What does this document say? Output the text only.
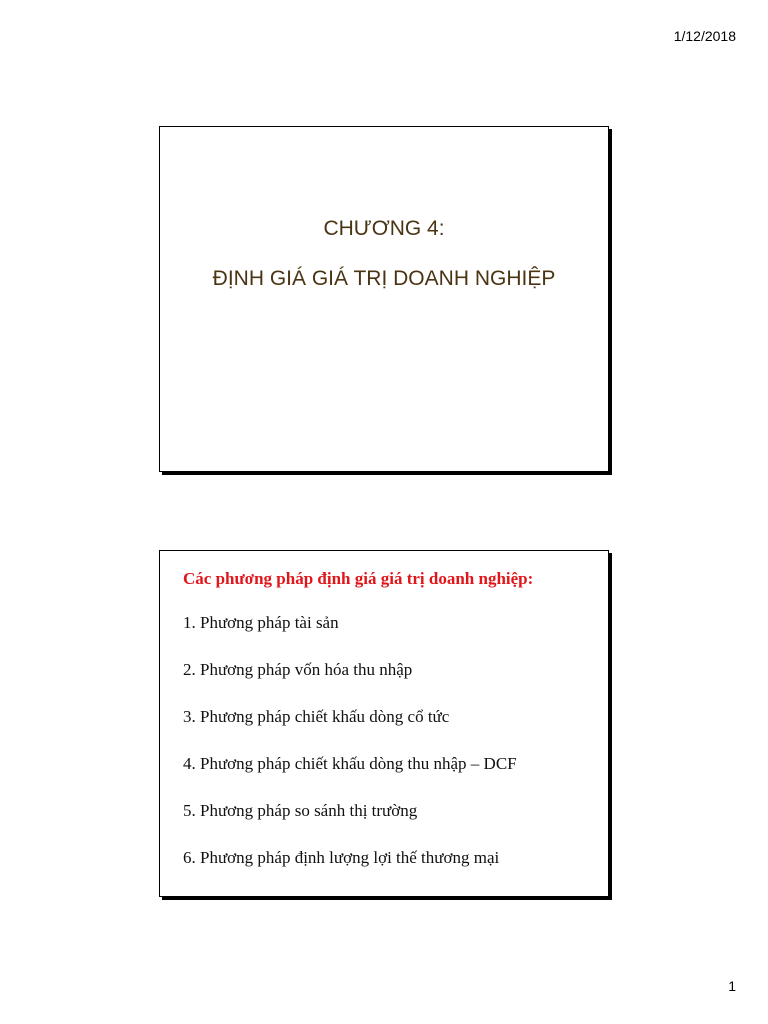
1/12/2018
CHƯƠNG 4:
ĐỊNH GIÁ GIÁ TRỊ DOANH NGHIỆP
Các phương pháp định giá giá trị doanh nghiệp:
1. Phương pháp tài sản
2. Phương pháp vốn hóa thu nhập
3. Phương pháp chiết khấu dòng cổ tức
4. Phương pháp chiết khấu dòng thu nhập – DCF
5. Phương pháp so sánh thị trường
6. Phương pháp định lượng lợi thế thương mại
1
